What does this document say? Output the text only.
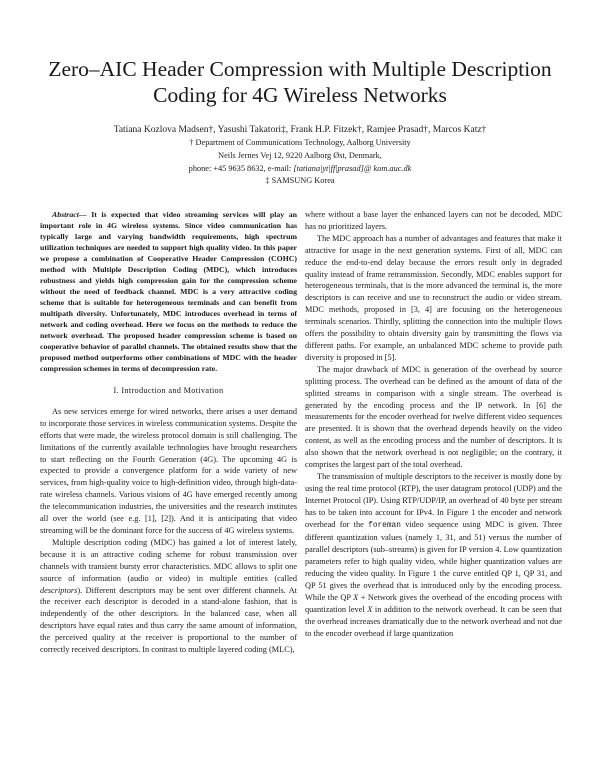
Zero–AIC Header Compression with Multiple Description Coding for 4G Wireless Networks
Tatiana Kozlova Madsen†, Yasushi Takatori‡, Frank H.P. Fitzek†, Ramjee Prasad†, Marcos Katz†
† Department of Communications Technology, Aalborg University
Neils Jernes Vej 12, 9220 Aalborg Øst, Denmark,
phone: +45 9635 8632, e-mail: [tatiana|yt|ff|prasad]@ kom.auc.dk
‡ SAMSUNG Korea

Abstract— It is expected that video streaming services will play an important role in 4G wireless systems. Since video communication has typically large and varying bandwidth requirements, high spectrum utilization techniques are needed to support high quality video. In this paper we propose a combination of Cooperative Header Compression (COHC) method with Multiple Description Coding (MDC), which introduces robustness and yields high compression gain for the compression scheme without the need of feedback channel. MDC is a very attractive coding scheme that is suitable for heterogeneous terminals and can benefit from multipath diversity. Unfortunately, MDC introduces overhead in terms of network and coding overhead. Here we focus on the methods to reduce the network overhead. The proposed header compression scheme is based on cooperative behavior of parallel channels. The obtained results show that the proposed method outperforms other combinations of MDC with the header compression schemes in terms of decompression rate.

I. Introduction and Motivation

As new services emerge for wired networks, there arises a user demand to incorporate those services in wireless communication systems. Despite the efforts that were made, the wireless protocol domain is still challenging. The limitations of the currently available technologies have brought researchers to start reflecting on the Fourth Generation (4G). The upcoming 4G is expected to provide a convergence platform for a wide variety of new services, from high-quality voice to high-definition video, through high-data-rate wireless channels. Various visions of 4G have emerged recently among the telecommunication industries, the universities and the research institutes all over the world (see e.g. [1], [2]). And it is anticipating that video streaming will be the dominant force for the success of 4G wireless systems.

Multiple description coding (MDC) has gained a lot of interest lately, because it is an attractive coding scheme for robust transmission over channels with transient bursty error characteristics. MDC allows to split one source of information (audio or video) in multiple entities (called descriptors). Different descriptors may be sent over different channels. At the receiver each descriptor is decoded in a stand-alone fashion, that is independently of the other descriptors. In the balanced case, when all descriptors have equal rates and thus carry the same amount of information, the perceived quality at the receiver is proportional to the number of correctly received descriptors. In contrast to multiple layered coding (MLC),

where without a base layer the enhanced layers can not be decoded, MDC has no prioritized layers.

The MDC approach has a number of advantages and features that make it attractive for usage in the next generation systems. First of all, MDC can reduce the end-to-end delay because the errors result only in degraded quality instead of frame retransmission. Secondly, MDC enables support for heterogeneous terminals, that is the more advanced the terminal is, the more descriptors is can receive and use to reconstruct the audio or video stream. MDC methods, proposed in [3, 4] are focusing on the heterogeneous terminals scenarios. Thirdly, splitting the connection into the multiple flows offers the possibility to obtain diversity gain by transmitting the flows via different paths. For example, an unbalanced MDC scheme to provide path diversity is proposed in [5].

The major drawback of MDC is generation of the overhead by source splitting process. The overhead can be defined as the amount of data of the splitted streams in comparison with a single stream. The overhead is generated by the encoding process and the IP network. In [6] the measurements for the encoder overhead for twelve different video sequences are presented. It is shown that the overhead depends heavily on the video content, as well as the encoding process and the number of descriptors. It is also shown that the network overhead is not negligible; on the contrary, it comprises the largest part of the total overhead.

The transmission of multiple descriptors to the receiver is mostly done by using the real time protocol (RTP), the user datagram protocol (UDP) and the Internet Protocol (IP). Using RTP/UDP/IP, an overhead of 40 byte per stream has to be taken into account for IPv4. In Figure 1 the encoder and network overhead for the foreman video sequence using MDC is given. Three different quantization values (namely 1, 31, and 51) versus the number of parallel descriptors (sub–streams) is given for IP version 4. Low quantization parameters refer to high quality video, while higher quantization values are reducing the video quality. In Figure 1 the curve entitled QP 1, QP 31, and QP 51 gives the overhead that is introduced only by the encoding process. While the QP X + Network gives the overhead of the encoding process with quantization level X in addition to the network overhead. It can be seen that the overhead increases dramatically due to the network overhead and not due to the encoder overhead if large quantization
